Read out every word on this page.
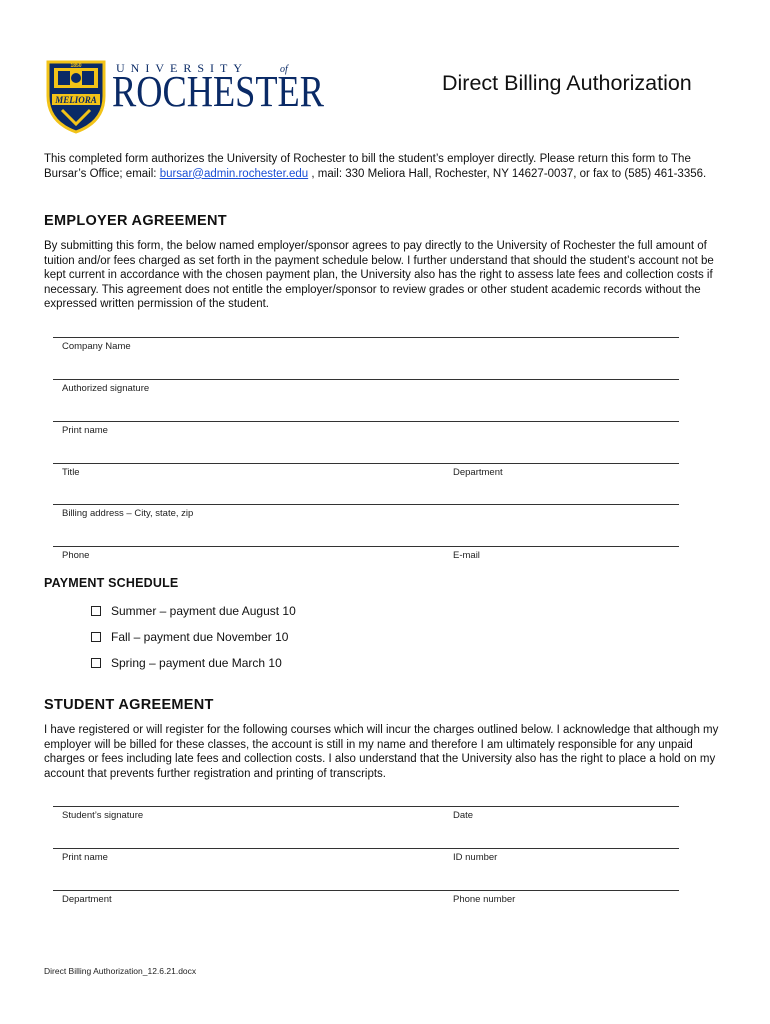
1850
MELIORA
UNIVERSITY	of
ROCHESTER	Direct Billing Authorization
This completed form authorizes the University of Rochester to bill the student’s employer directly. Please return this form to The Bursar’s Office; email: bursar@admin.rochester.edu , mail: 330 Meliora Hall, Rochester, NY 14627-0037, or fax to (585) 461-3356.
EMPLOYER AGREEMENT
By submitting this form, the below named employer/sponsor agrees to pay directly to the University of Rochester the full amount of tuition and/or fees charged as set forth in the payment schedule below. I further understand that should the student’s account not be kept current in accordance with the chosen payment plan, the University also has the right to assess late fees and collection costs if necessary. This agreement does not entitle the employer/sponsor to review grades or other student academic records without the expressed written permission of the student.
Company Name
Authorized signature
Print name
Title	Department
Billing address – City, state, zip
Phone	E-mail
PAYMENT SCHEDULE
Summer – payment due August 10
Fall – payment due November 10
Spring – payment due March 10
STUDENT AGREEMENT
I have registered or will register for the following courses which will incur the charges outlined below. I acknowledge that although my employer will be billed for these classes, the account is still in my name and therefore I am ultimately responsible for any unpaid charges or fees including late fees and collection costs. I also understand that the University also has the right to place a hold on my account that prevents further registration and printing of transcripts.
Student’s signature	Date
Print name	ID number
Department	Phone number
Direct Billing Authorization_12.6.21.docx
